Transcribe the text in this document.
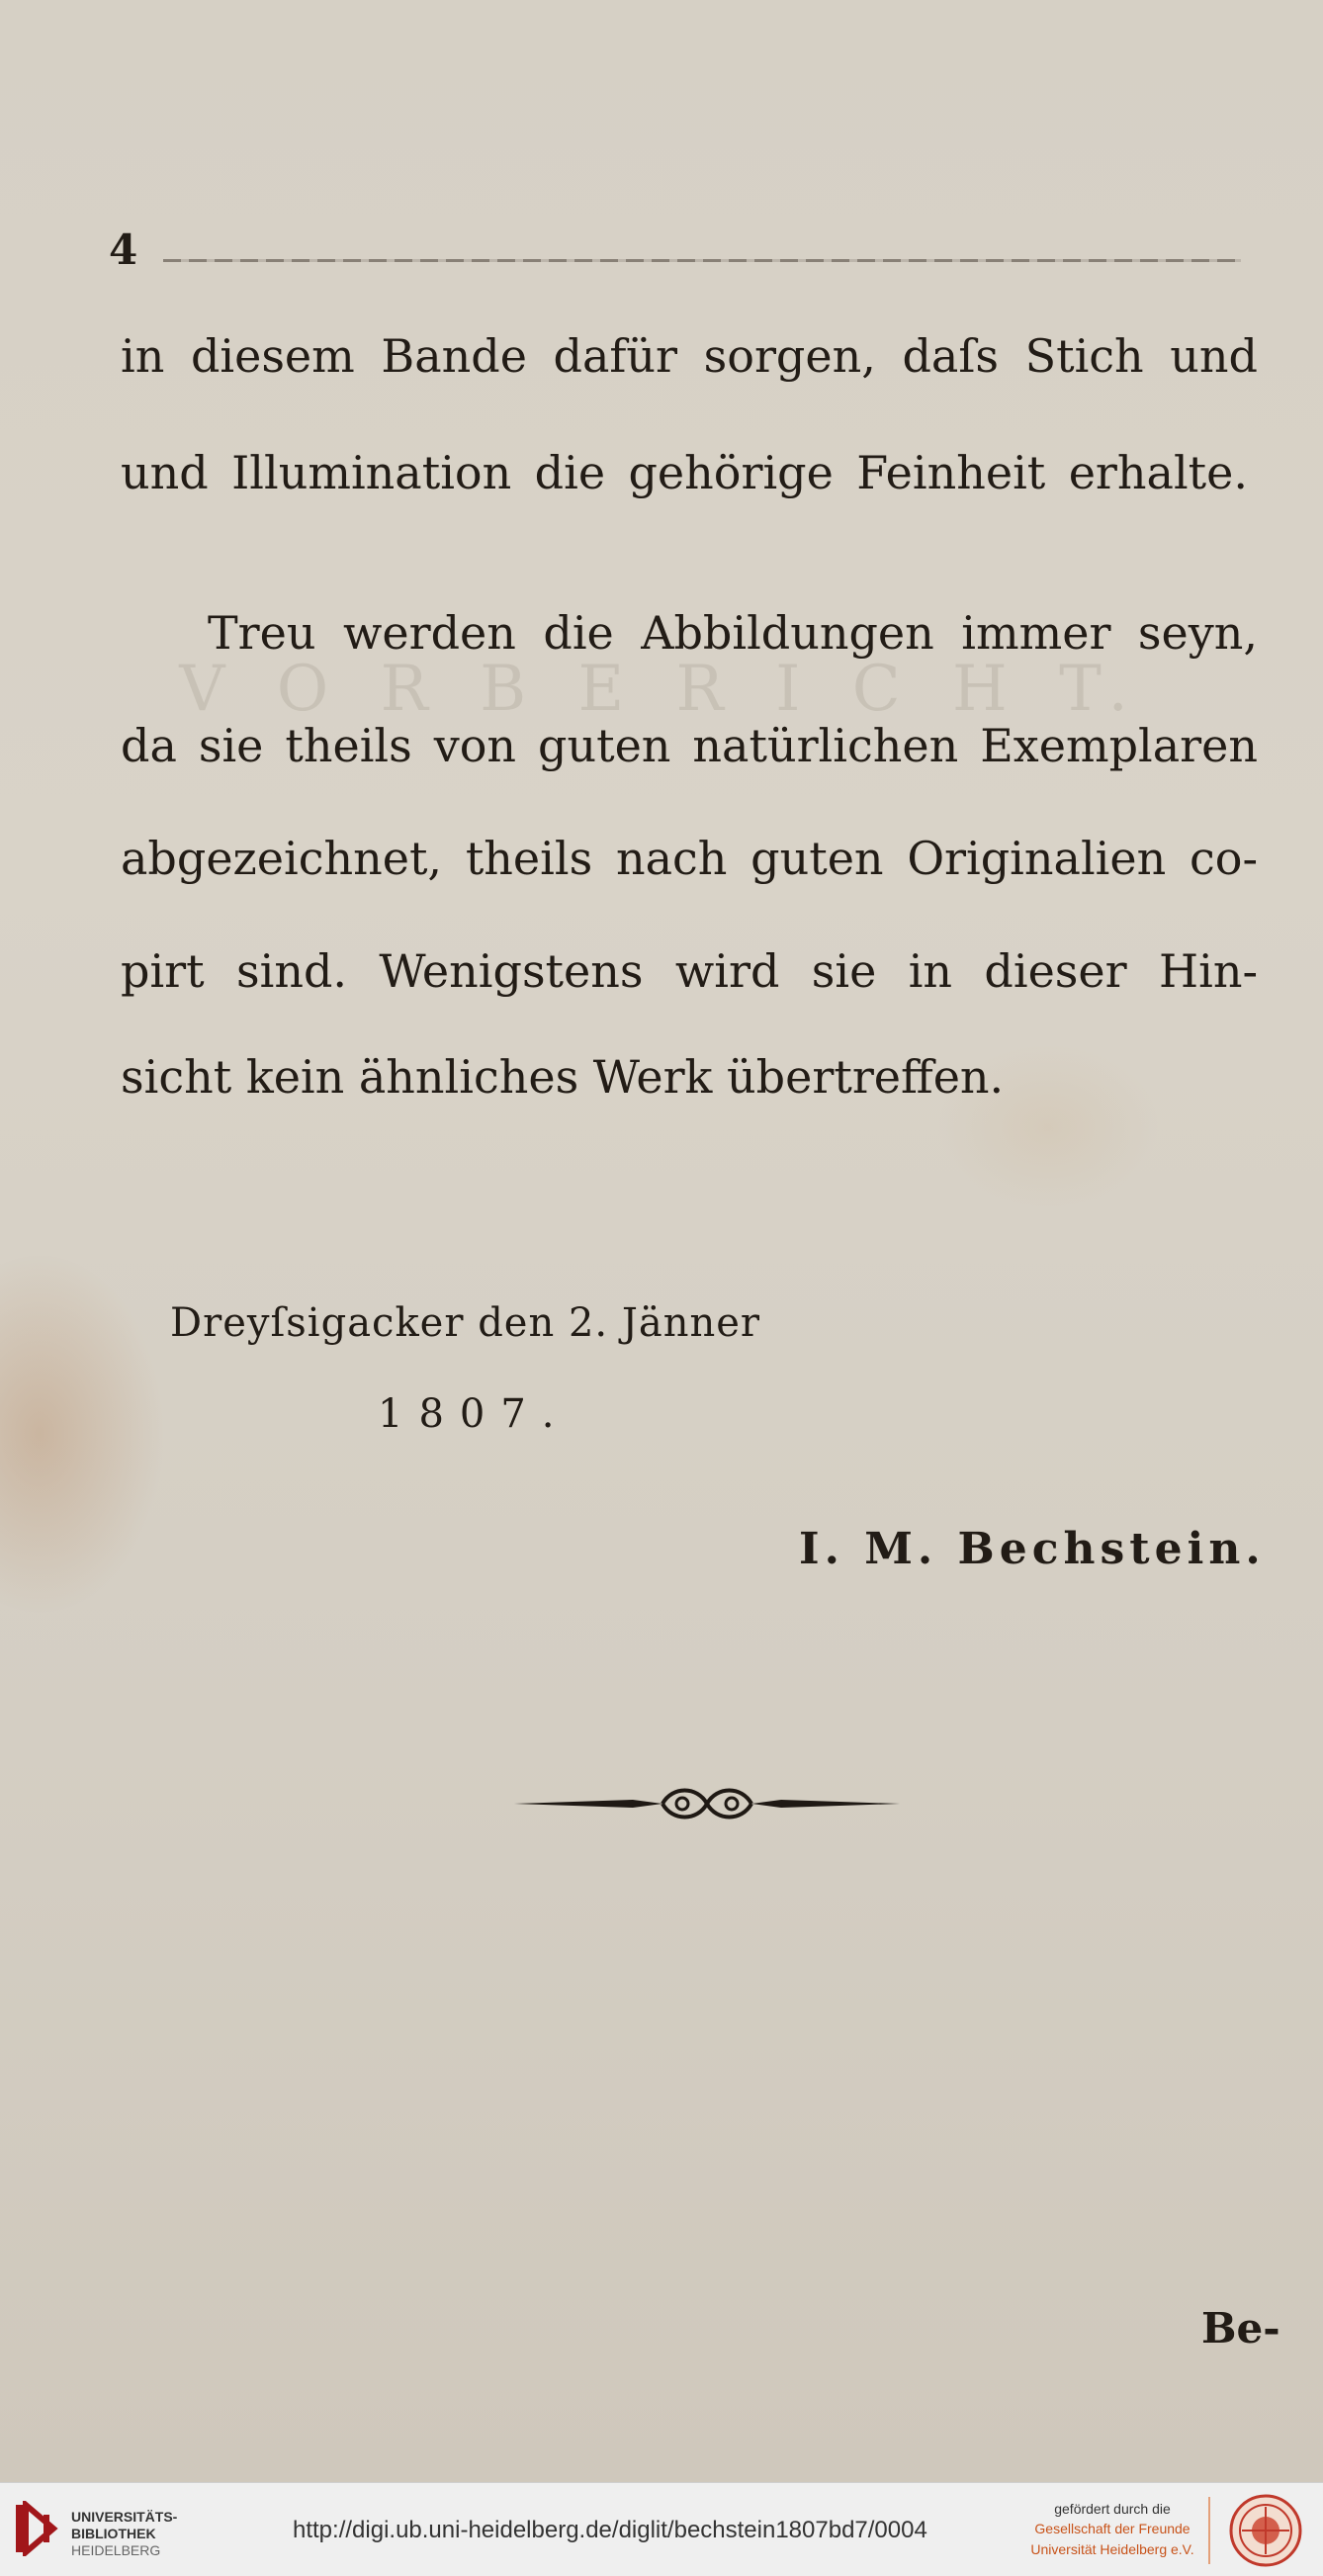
V O R B E R I C H T.
4
in diesem Bande dafür sorgen, daſs Stich und
und Illumination die gehörige Feinheit erhalte.
Treu werden die Abbildungen immer seyn,
da sie theils von guten natürlichen Exemplaren
abgezeichnet, theils nach guten Originalien co-
pirt sind. Wenigstens wird sie in dieser Hin-
sicht kein ähnliches Werk übertreffen.
Dreyſsigacker den 2. Jänner
1807.
I. M. Bechstein.
Be-
UNIVERSITÄTS-
BIBLIOTHEK
HEIDELBERG
http://digi.ub.uni-heidelberg.de/diglit/bechstein1807bd7/0004
gefördert durch die
Gesellschaft der Freunde
Universität Heidelberg e.V.
